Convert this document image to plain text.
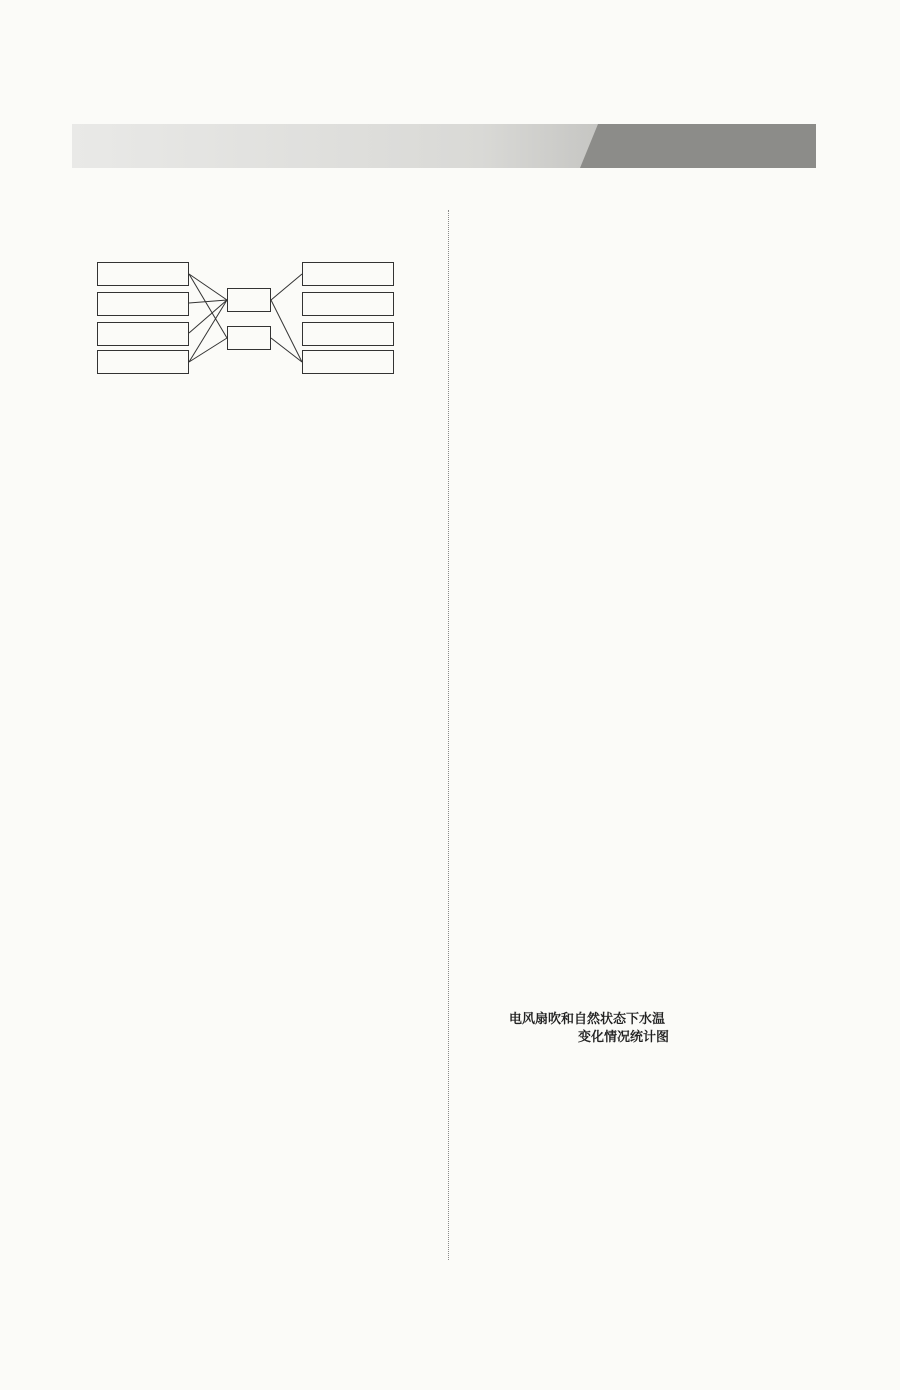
电风扇吹和自然状态下水温
变化情况统计图
